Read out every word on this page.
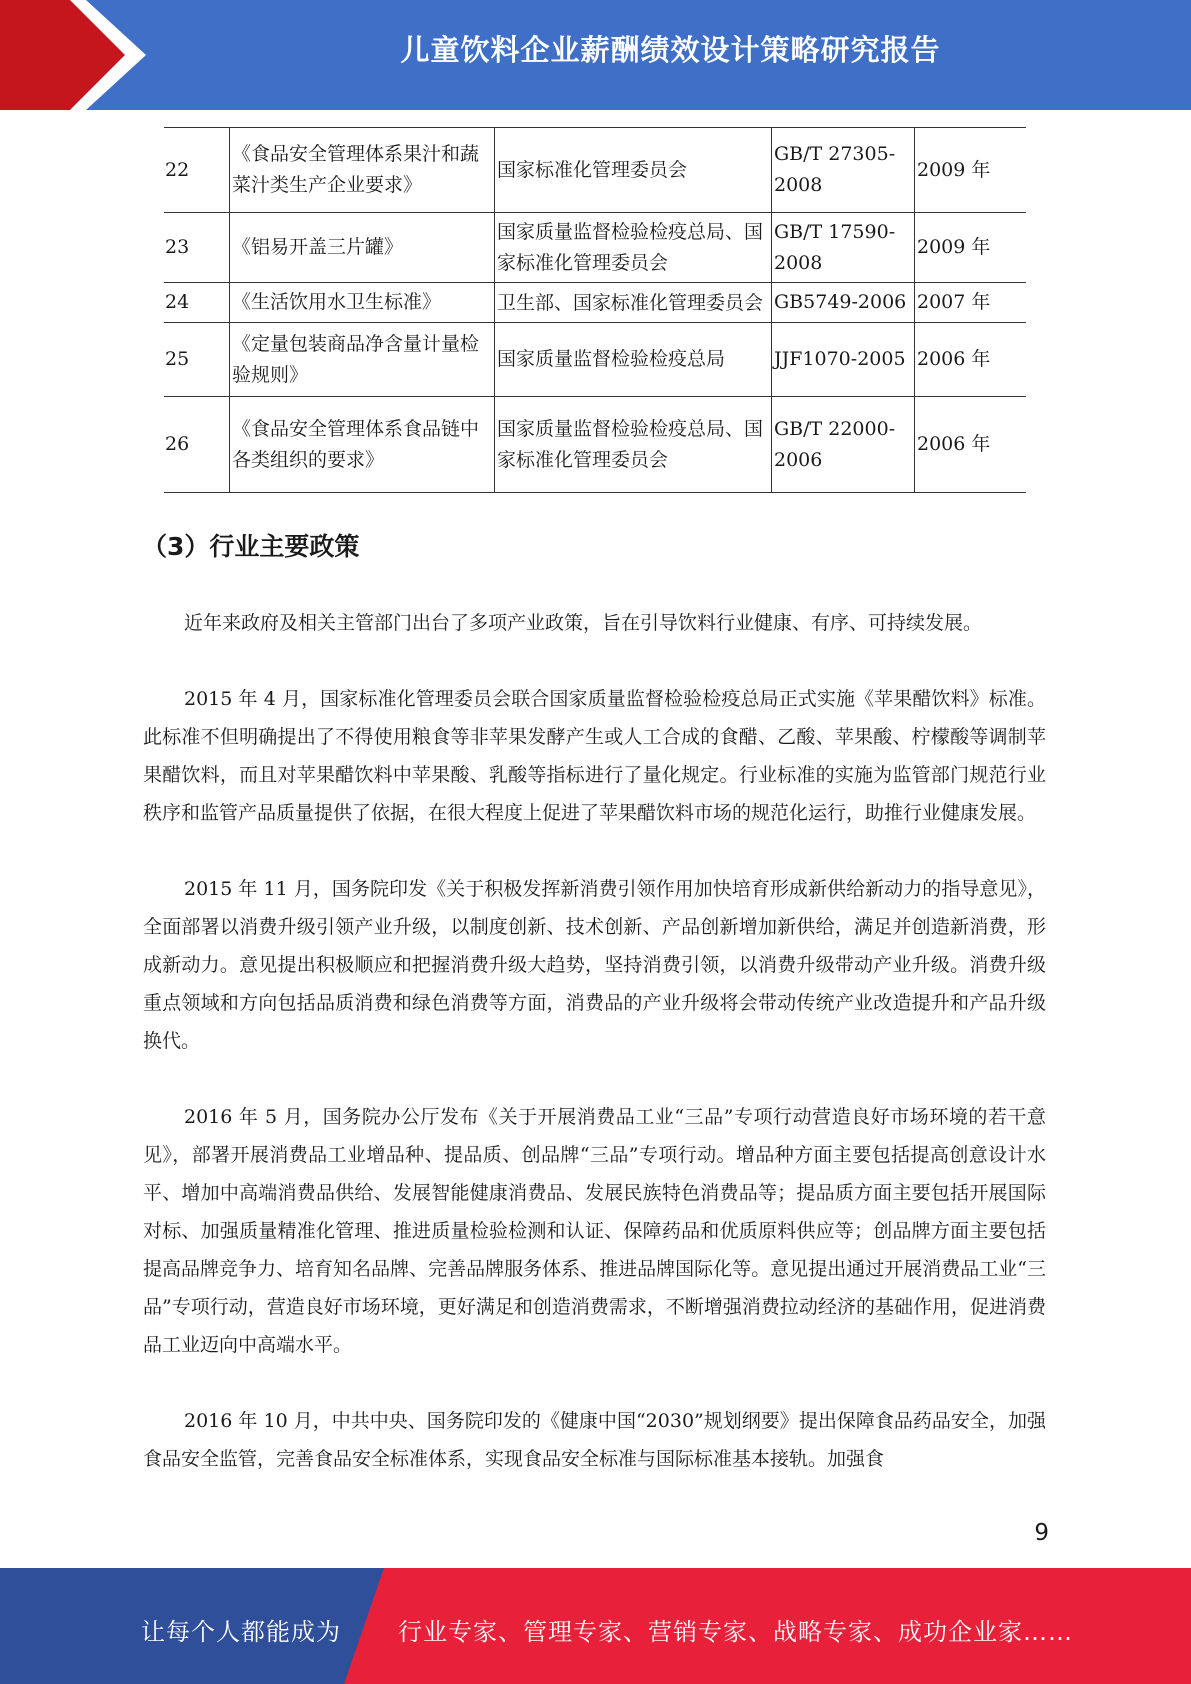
儿童饮料企业薪酬绩效设计策略研究报告
22	《食品安全管理体系果汁和蔬菜汁类生产企业要求》	国家标准化管理委员会	GB/T 27305-2008	2009 年
23	《铝易开盖三片罐》	国家质量监督检验检疫总局、国家标准化管理委员会	GB/T 17590-2008	2009 年
24	《生活饮用水卫生标准》	卫生部、国家标准化管理委员会	GB5749-2006	2007 年
25	《定量包装商品净含量计量检验规则》	国家质量监督检验检疫总局	JJF1070-2005	2006 年
26	《食品安全管理体系食品链中各类组织的要求》	国家质量监督检验检疫总局、国家标准化管理委员会	GB/T 22000-2006	2006 年
（3）行业主要政策

近年来政府及相关主管部门出台了多项产业政策，旨在引导饮料行业健康、有序、可持续发展。

2015 年 4 月，国家标准化管理委员会联合国家质量监督检验检疫总局正式实施《苹果醋饮料》标准。此标准不但明确提出了不得使用粮食等非苹果发酵产生或人工合成的食醋、乙酸、苹果酸、柠檬酸等调制苹果醋饮料，而且对苹果醋饮料中苹果酸、乳酸等指标进行了量化规定。行业标准的实施为监管部门规范行业秩序和监管产品质量提供了依据，在很大程度上促进了苹果醋饮料市场的规范化运行，助推行业健康发展。

2015 年 11 月，国务院印发《关于积极发挥新消费引领作用加快培育形成新供给新动力的指导意见》，全面部署以消费升级引领产业升级，以制度创新、技术创新、产品创新增加新供给，满足并创造新消费，形成新动力。意见提出积极顺应和把握消费升级大趋势，坚持消费引领，以消费升级带动产业升级。消费升级重点领域和方向包括品质消费和绿色消费等方面，消费品的产业升级将会带动传统产业改造提升和产品升级换代。

2016 年 5 月，国务院办公厅发布《关于开展消费品工业“三品”专项行动营造良好市场环境的若干意见》，部署开展消费品工业增品种、提品质、创品牌“三品”专项行动。增品种方面主要包括提高创意设计水平、增加中高端消费品供给、发展智能健康消费品、发展民族特色消费品等；提品质方面主要包括开展国际对标、加强质量精准化管理、推进质量检验检测和认证、保障药品和优质原料供应等；创品牌方面主要包括提高品牌竞争力、培育知名品牌、完善品牌服务体系、推进品牌国际化等。意见提出通过开展消费品工业“三品”专项行动，营造良好市场环境，更好满足和创造消费需求，不断增强消费拉动经济的基础作用，促进消费品工业迈向中高端水平。

2016 年 10 月，中共中央、国务院印发的《健康中国“2030”规划纲要》提出保障食品药品安全，加强食品安全监管，完善食品安全标准体系，实现食品安全标准与国际标准基本接轨。加强食

9
让每个人都能成为 行业专家、管理专家、营销专家、战略专家、成功企业家……
